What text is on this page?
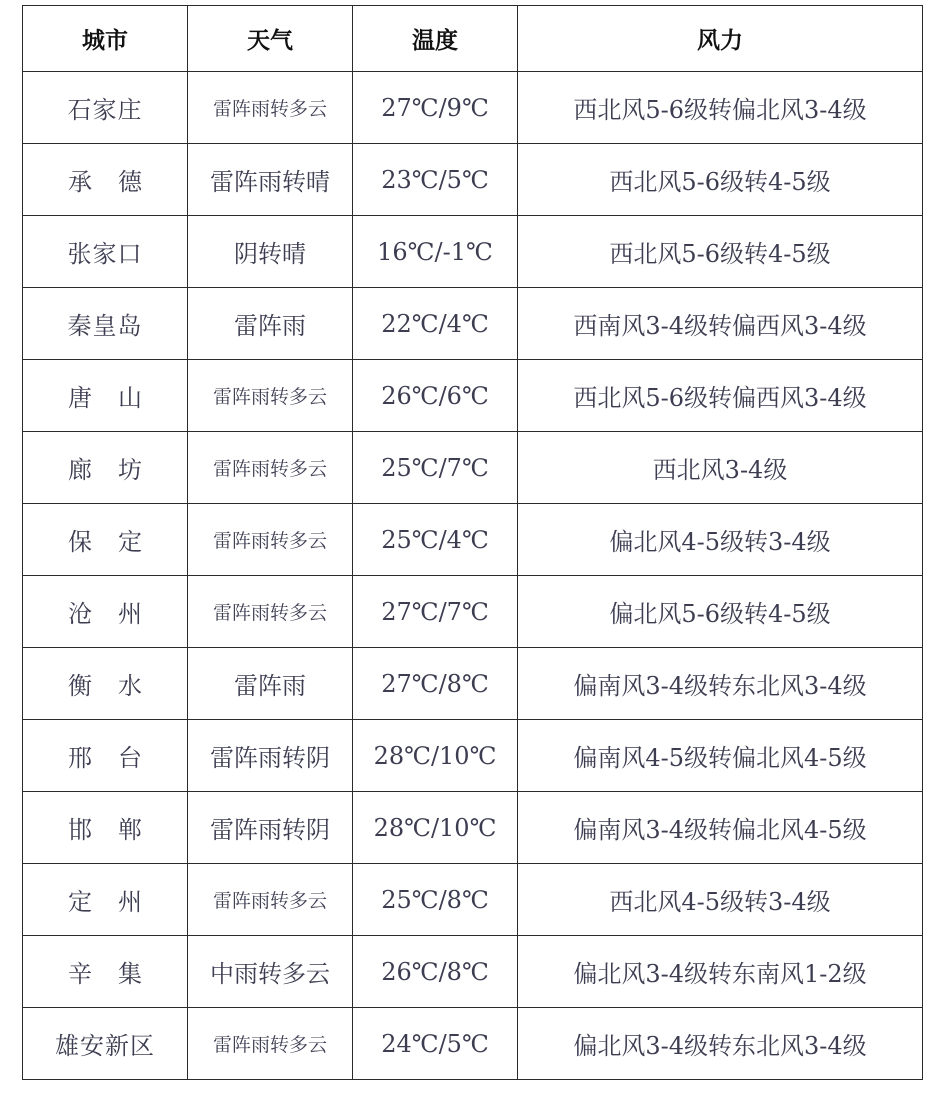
城市	天气	温度	风力
石家庄	雷阵雨转多云	27℃/9℃	西北风5-6级转偏北风3-4级
承德	雷阵雨转晴	23℃/5℃	西北风5-6级转4-5级
张家口	阴转晴	16℃/-1℃	西北风5-6级转4-5级
秦皇岛	雷阵雨	22℃/4℃	西南风3-4级转偏西风3-4级
唐山	雷阵雨转多云	26℃/6℃	西北风5-6级转偏西风3-4级
廊坊	雷阵雨转多云	25℃/7℃	西北风3-4级
保定	雷阵雨转多云	25℃/4℃	偏北风4-5级转3-4级
沧州	雷阵雨转多云	27℃/7℃	偏北风5-6级转4-5级
衡水	雷阵雨	27℃/8℃	偏南风3-4级转东北风3-4级
邢台	雷阵雨转阴	28℃/10℃	偏南风4-5级转偏北风4-5级
邯郸	雷阵雨转阴	28℃/10℃	偏南风3-4级转偏北风4-5级
定州	雷阵雨转多云	25℃/8℃	西北风4-5级转3-4级
辛集	中雨转多云	26℃/8℃	偏北风3-4级转东南风1-2级
雄安新区	雷阵雨转多云	24℃/5℃	偏北风3-4级转东北风3-4级
